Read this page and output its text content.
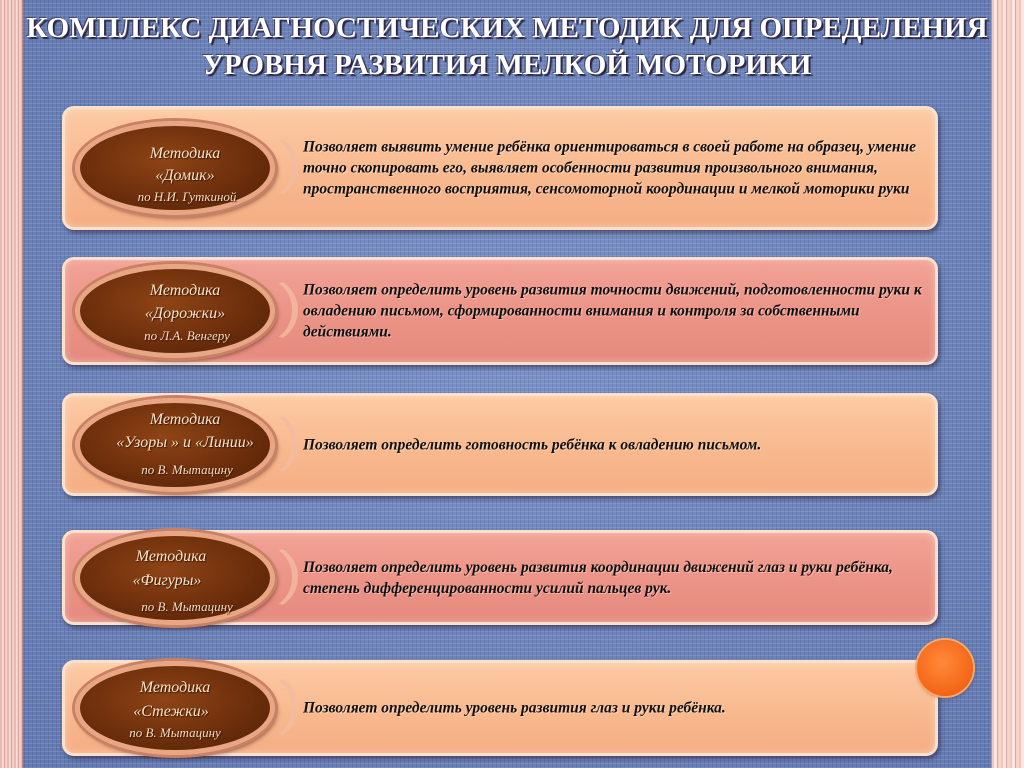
КОМПЛЕКС ДИАГНОСТИЧЕСКИХ МЕТОДИК ДЛЯ ОПРЕДЕЛЕНИЯ
УРОВНЯ РАЗВИТИЯ МЕЛКОЙ МОТОРИКИ
Методика
«Домик»
по Н.И. Гуткиной

Позволяет выявить умение ребёнка ориентироваться в своей работе на образец, умение точно скопировать его, выявляет особенности развития произвольного внимания, пространственного восприятия, сенсомоторной координации и мелкой моторики руки

Методика
«Дорожки»
по Л.А. Венгеру

Позволяет определить уровень развития точности движений, подготовленности руки к овладению письмом, сформированности внимания и контроля за собственными действиями.

Методика
«Узоры » и «Линии»
по В. Мытацину

Позволяет определить готовность ребёнка к овладению письмом.

Методика
«Фигуры»
по В. Мытацину

Позволяет определить уровень развития координации движений глаз и руки ребёнка, степень дифференцированности усилий пальцев рук.

Методика
«Стежки»
по В. Мытацину

Позволяет определить уровень развития глаз и руки ребёнка.
